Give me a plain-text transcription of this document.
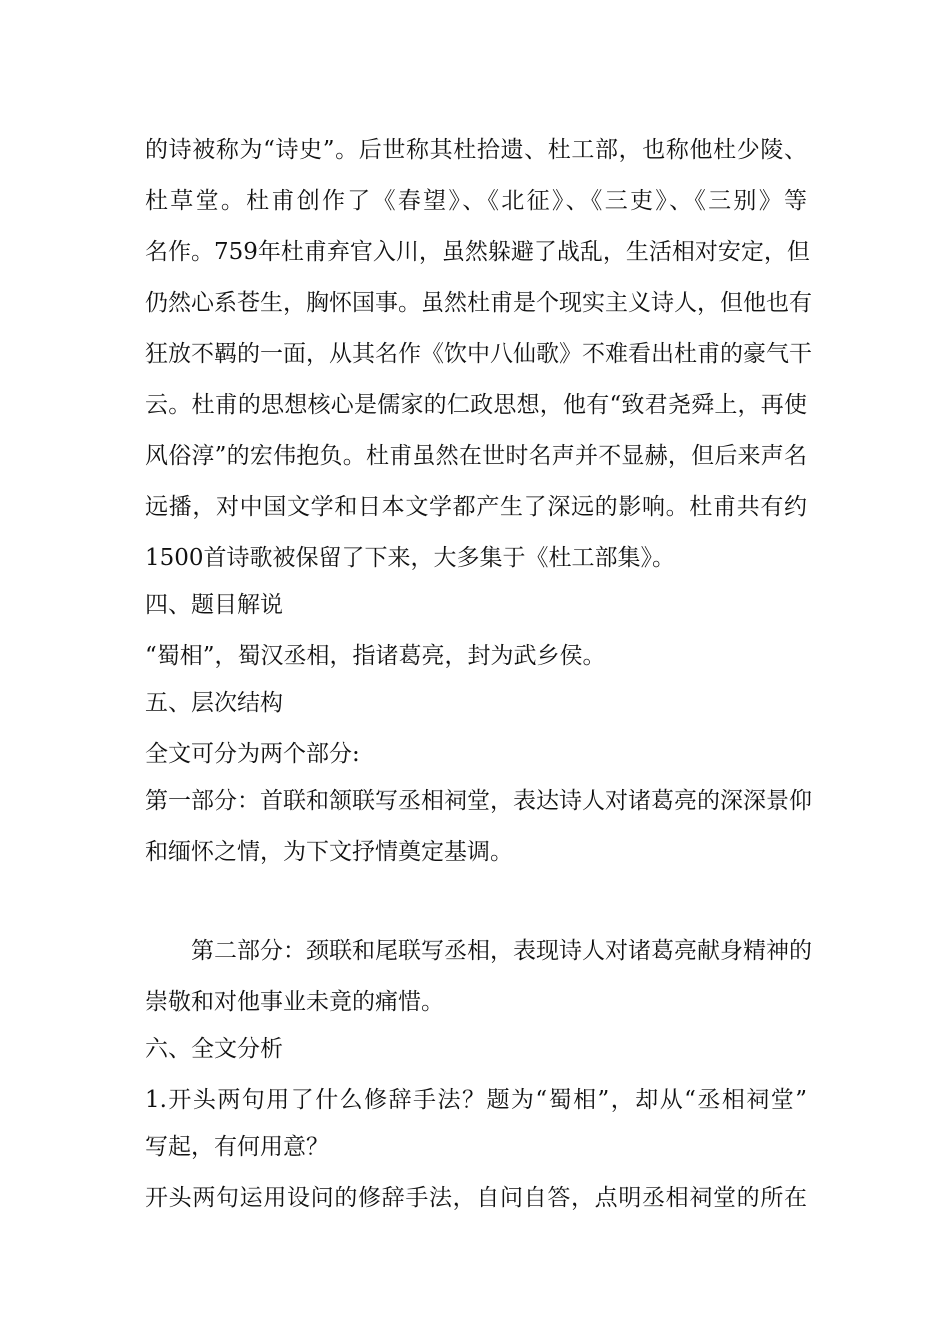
的诗被称为“诗史”。后世称其杜拾遗、杜工部，也称他杜少陵、
杜草堂。杜甫创作了《春望》、《北征》、《三吏》、《三别》等
名作。759年杜甫弃官入川，虽然躲避了战乱，生活相对安定，但
仍然心系苍生，胸怀国事。虽然杜甫是个现实主义诗人，但他也有
狂放不羁的一面，从其名作《饮中八仙歌》不难看出杜甫的豪气干
云。杜甫的思想核心是儒家的仁政思想，他有“致君尧舜上，再使
风俗淳”的宏伟抱负。杜甫虽然在世时名声并不显赫，但后来声名
远播，对中国文学和日本文学都产生了深远的影响。杜甫共有约
1500首诗歌被保留了下来，大多集于《杜工部集》。
四、题目解说
“蜀相”，蜀汉丞相，指诸葛亮，封为武乡侯。
五、层次结构
全文可分为两个部分:
第一部分：首联和颔联写丞相祠堂，表达诗人对诸葛亮的深深景仰
和缅怀之情，为下文抒情奠定基调。
第二部分：颈联和尾联写丞相，表现诗人对诸葛亮献身精神的
崇敬和对他事业未竟的痛惜。
六、全文分析
1.开头两句用了什么修辞手法？题为“蜀相”，却从“丞相祠堂”
写起，有何用意？
开头两句运用设问的修辞手法，自问自答，点明丞相祠堂的所在
